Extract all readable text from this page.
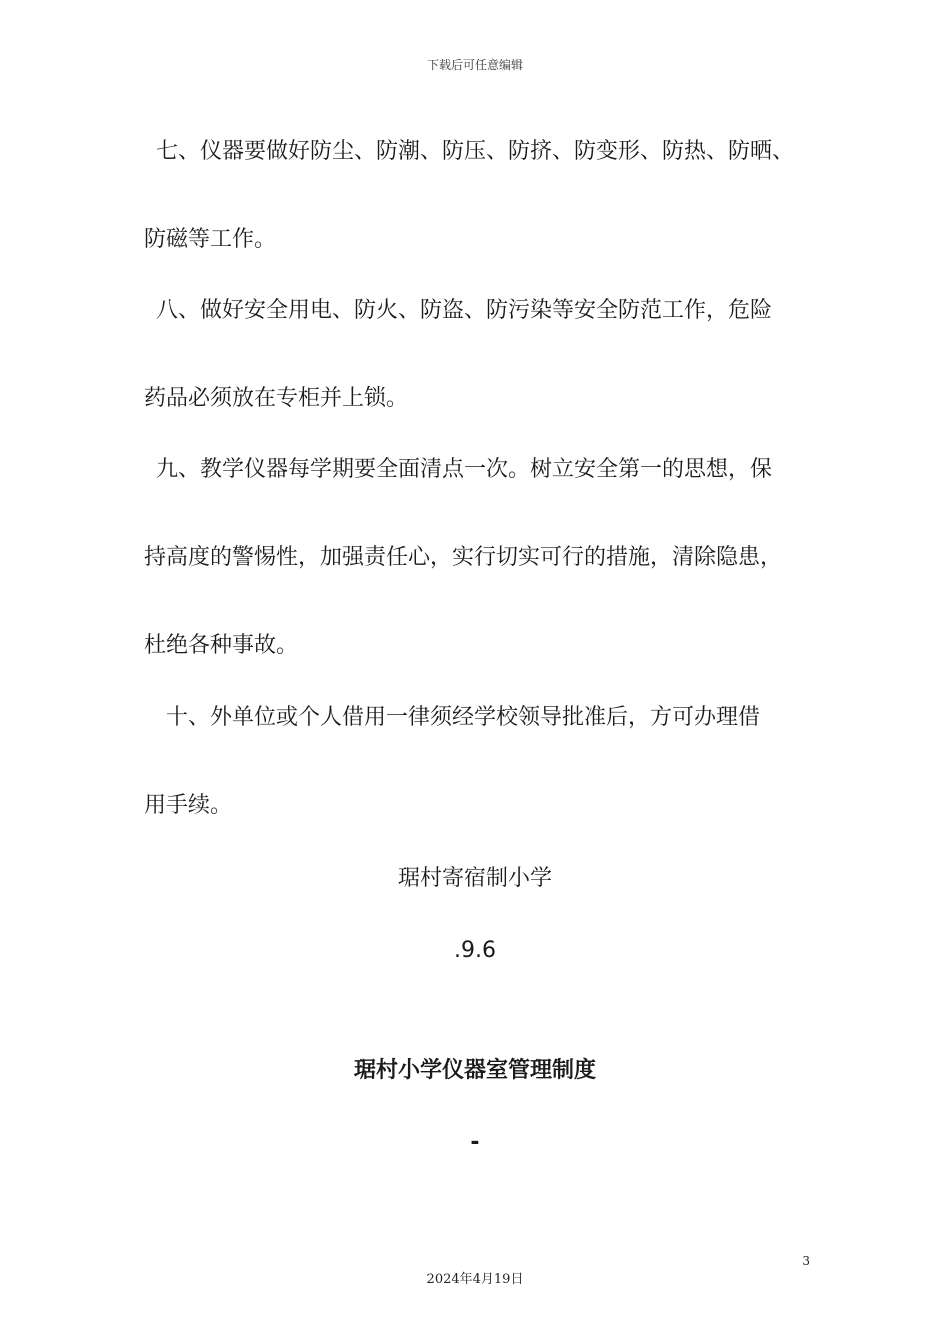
下载后可任意编辑
七、仪器要做好防尘、防潮、防压、防挤、防变形、防热、防晒、
防磁等工作。
八、做好安全用电、防火、防盗、防污染等安全防范工作，危险
药品必须放在专柜并上锁。
九、教学仪器每学期要全面清点一次。树立安全第一的思想，保
持高度的警惕性，加强责任心，实行切实可行的措施，清除隐患，
杜绝各种事故。
十、外单位或个人借用一律须经学校领导批准后，方可办理借
用手续。
琚村寄宿制小学
.9.6
琚村小学仪器室管理制度
-
3
2024年4月19日
